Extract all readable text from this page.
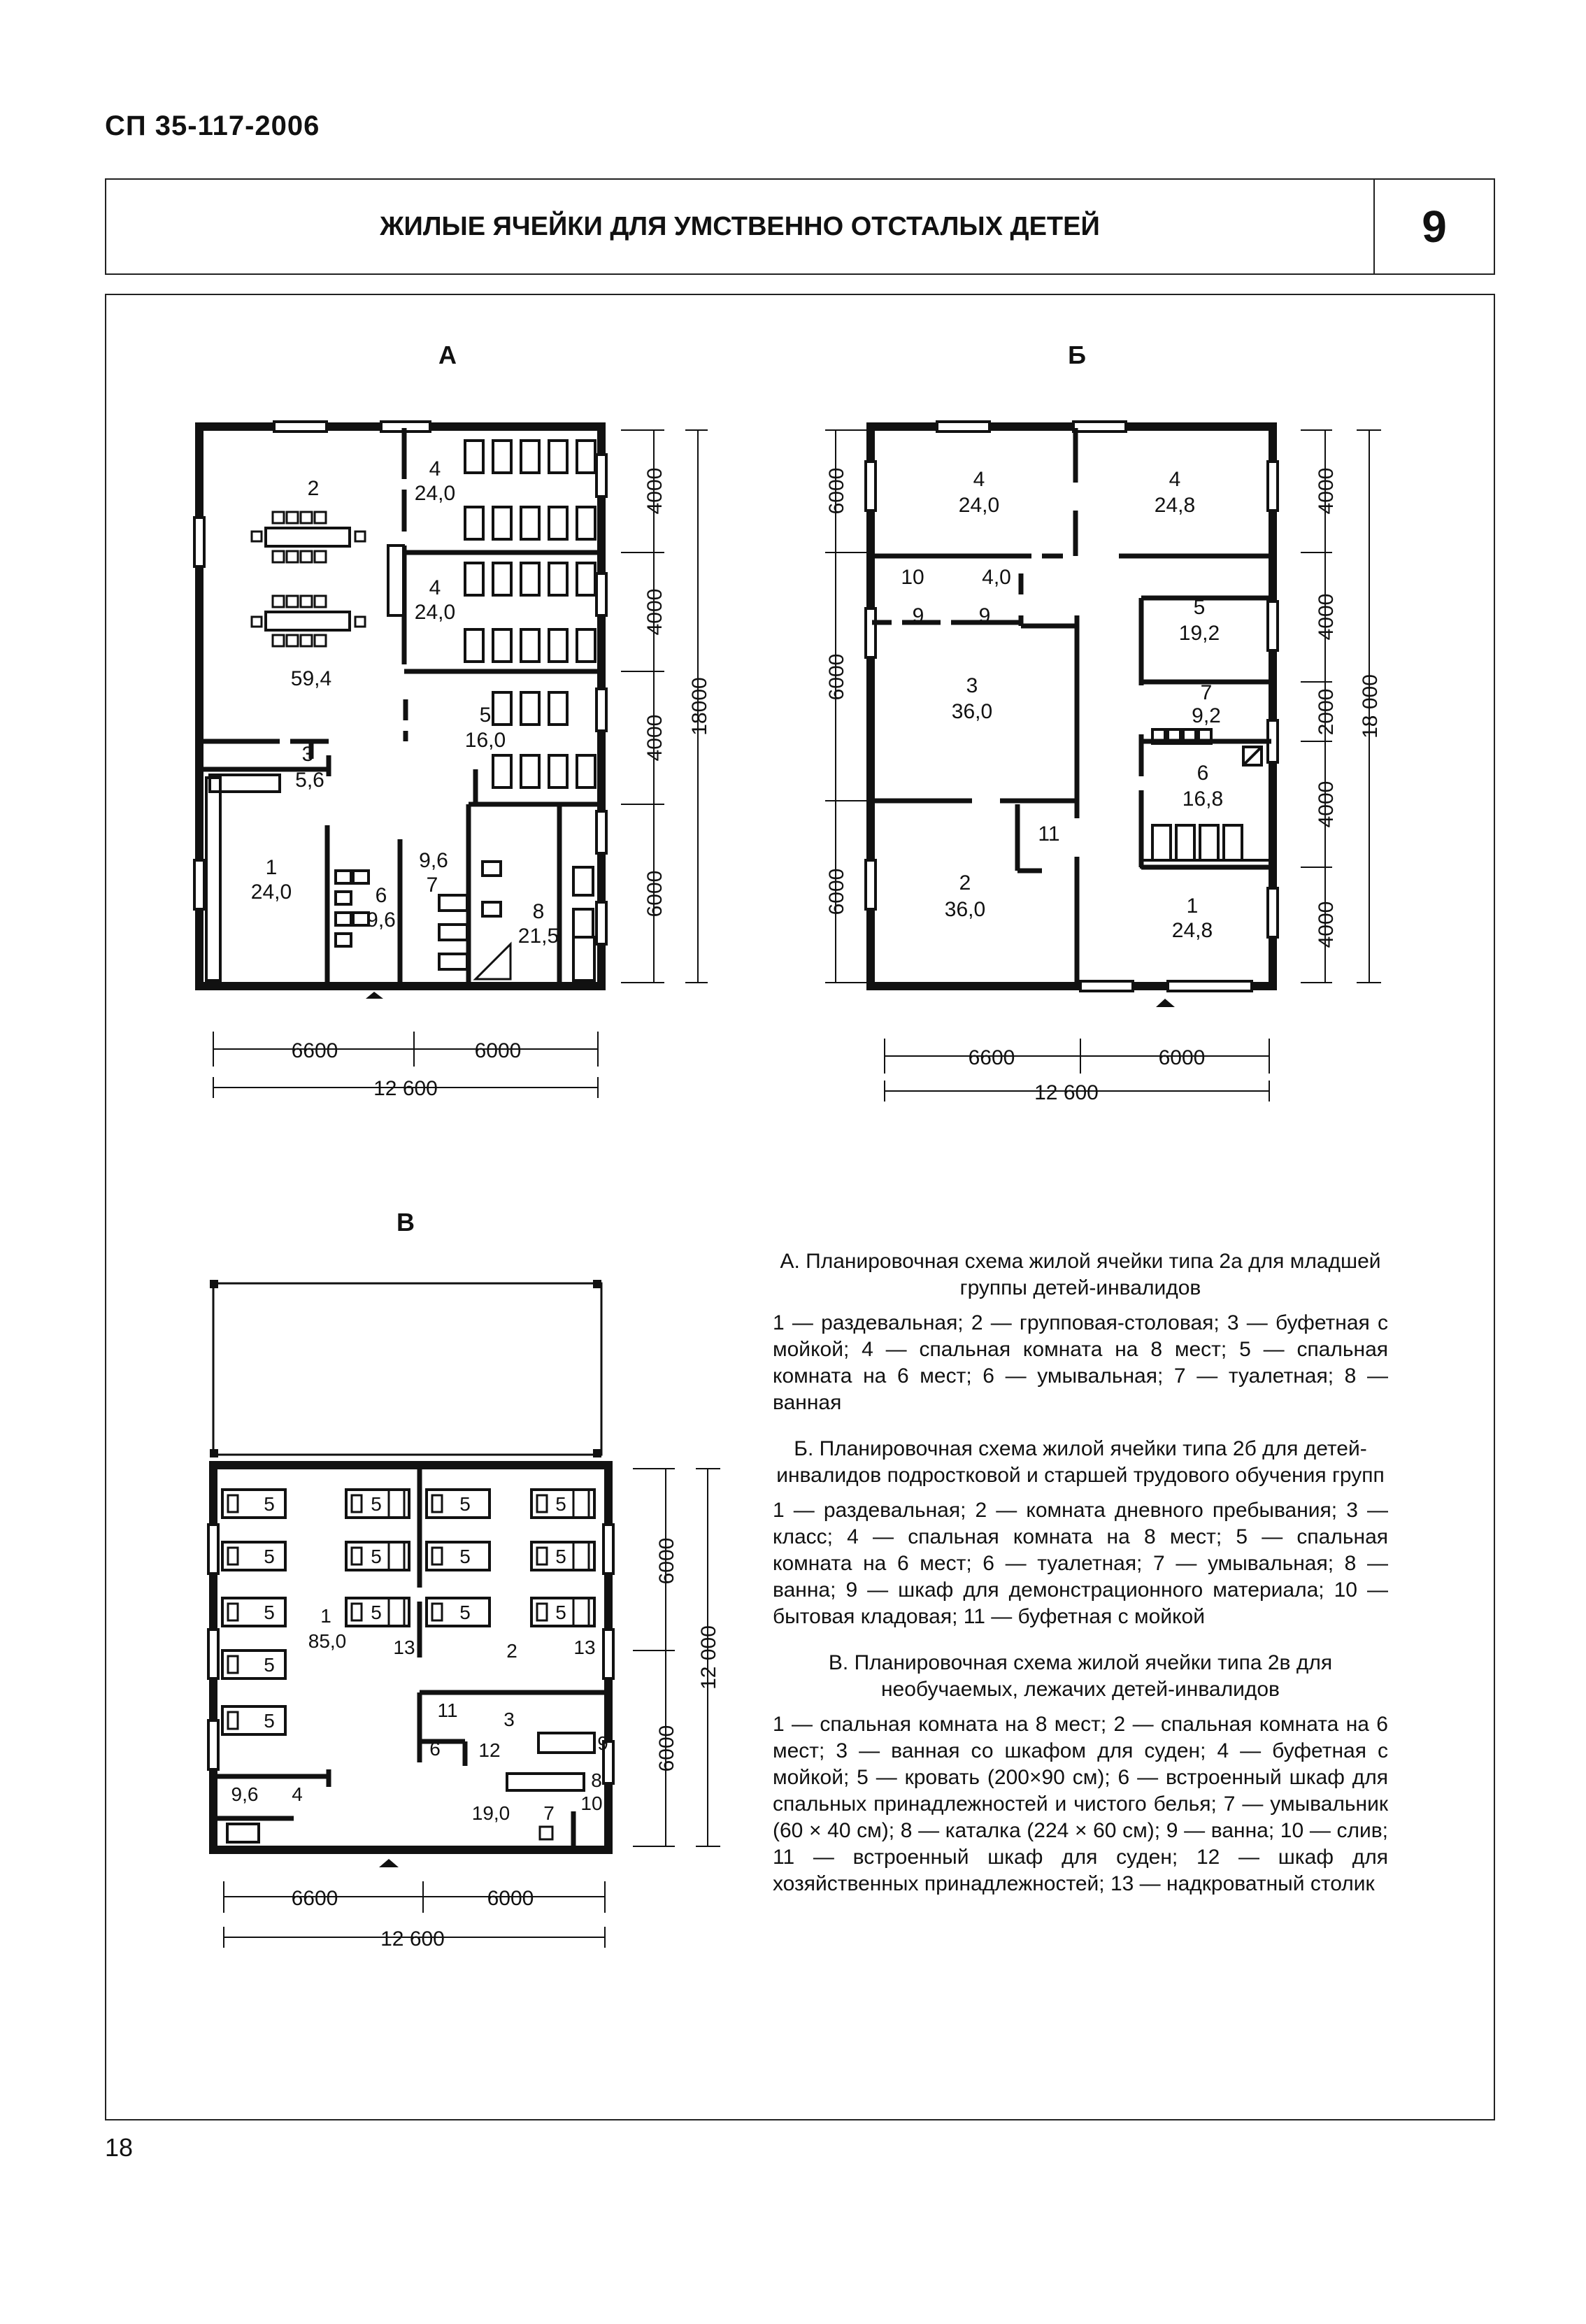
СП 35-117-2006
ЖИЛЫЕ ЯЧЕЙКИ ДЛЯ УМСТВЕННО ОТСТАЛЫХ ДЕТЕЙ	9
А
2
59,4
4
24,0
4
24,0
5
16,0
3
5,6
1
24,0	6
9,6
9,6
7
8
21,5
6600	6000
12 600
4000
4000
4000
6000
18000
Б
4
24,0
4
24,8
10	4,0
9	9	5
19,2
3
36,0
7
9,2
6
16,8
11
2
36,0	1
24,8
6600	6000
12 600
6000
6000
6000
4000
4000
2000
4000
4000
18 000
В
5
5
5
5
5
5
5
5
5
5
5
5
5
5
1
85,0 13	2	13
11 3
6 12	9
8
10
7
19,0
9,6 4
6600	6000
12 600
6000
6000
12 000

А. Планировочная схема жилой ячейки типа 2а для младшей группы детей-инвалидов

1 — раздевальная; 2 — групповая-столовая; 3 — буфетная с мойкой; 4 — спальная комната на 8 мест; 5 — спальная комната на 6 мест; 6 — умывальная; 7 — туалетная; 8 — ванная

Б. Планировочная схема жилой ячейки типа 2б для детей-инвалидов подростковой и старшей трудового обучения групп

1 — раздевальная; 2 — комната дневного пребывания; 3 — класс; 4 — спальная комната на 8 мест; 5 — спальная комната на 6 мест; 6 — туалетная; 7 — умывальная; 8 — ванна; 9 — шкаф для демонстрационного материала; 10 — бытовая кладовая; 11 — буфетная с мойкой

В. Планировочная схема жилой ячейки типа 2в для необучаемых, лежачих детей-инвалидов

1 — спальная комната на 8 мест; 2 — спальная комната на 6 мест; 3 — ванная со шкафом для суден; 4 — буфетная с мойкой; 5 — кровать (200×90 см); 6 — встроенный шкаф для спальных принадлежностей и чистого белья; 7 — умывальник (60 × 40 см); 8 — каталка (224 × 60 см); 9 — ванна; 10 — слив; 11 — встроенный шкаф для суден; 12 — шкаф для хозяйственных принадлежностей; 13 — надкроватный столик

18
